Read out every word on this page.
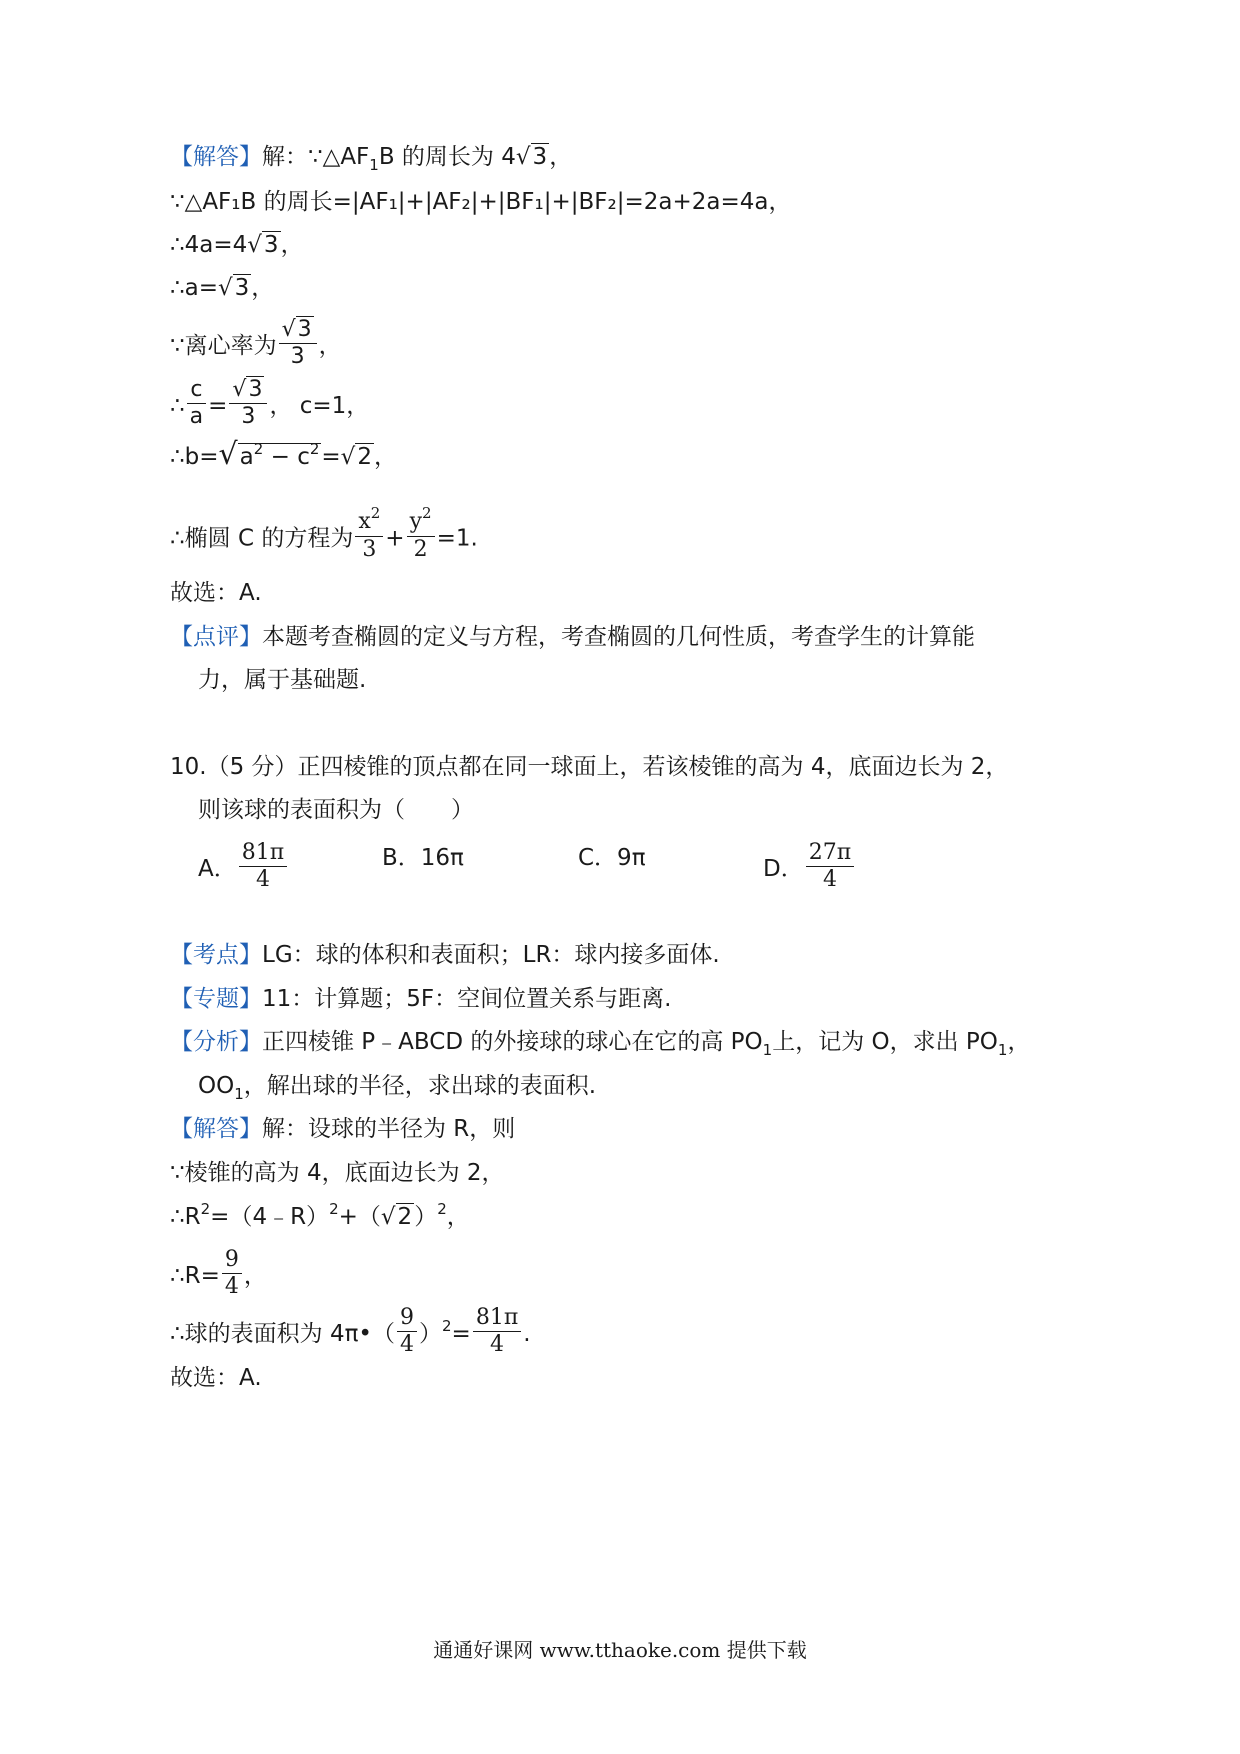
【解答】解：$\because\triangle AF_1B$ 的周长为 4√3，
∵△AF₁B 的周长=|AF₁|+|AF₂|+|BF₁|+|BF₂|=2a+2a=4a，
∴4a=4√3，
∴a=√3，
∵离心率为 $\frac{√3}{3}$ ，
∴ $\frac{c}{a} = \frac{√3}{3}$ ， c=1，
$\therefore b=√a^2 - c^2=√2$，
∴椭圆 C 的方程为 $\frac{x^2}{3} + \frac{y^2}{2} =1$.
故选：A.
【点评】本题考查椭圆的定义与方程，考查椭圆的几何性质，考查学生的计算能
力，属于基础题.
10.（5 分）正四棱锥的顶点都在同一球面上，若该棱锥的高为 4，底面边长为 2，
则该球的表面积为（　　）
A． $\frac{81\pi}{4}$	B．16π	C．9π	D． $\frac{27\pi}{4}$
【考点】LG：球的体积和表面积；LR：球内接多面体.
【专题】11：计算题；5F：空间位置关系与距离.
【分析】正四棱锥 P﹣ABCD 的外接球的球心在它的高 $PO_1$上，记为 O，求出 $PO_1$，
$OO_1$，解出球的半径，求出球的表面积.
【解答】解：设球的半径为 R，则
∵棱锥的高为 4，底面边长为 2，
$\therefore R^2=(4﹣R)^2+(√2)^2$，
∴R= $\frac{9}{4}$ ，
∴球的表面积为 4π•（ $\frac{9}{4} )^2= \frac{81\pi}{4}$ .
故选：A.
通通好课网 www.tthaoke.com 提供下载
